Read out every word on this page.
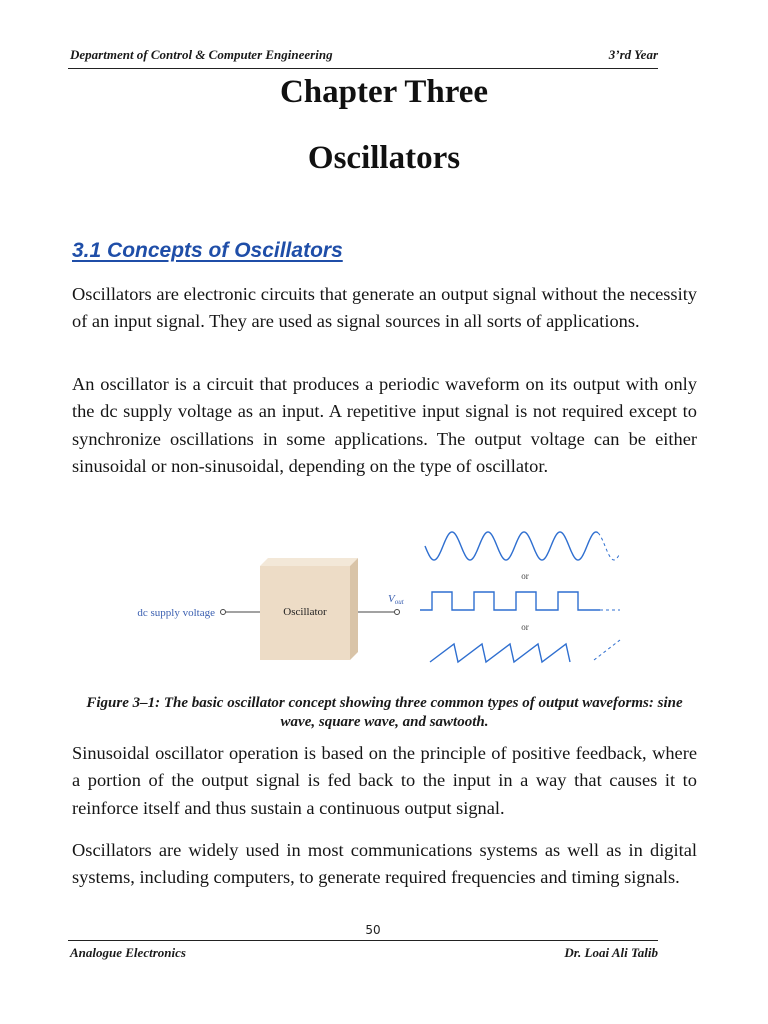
Department of Control & Computer Engineering	3’rd Year
Chapter Three
Oscillators
3.1 Concepts of Oscillators

Oscillators are electronic circuits that generate an output signal without the necessity of an input signal. They are used as signal sources in all sorts of applications.

An oscillator is a circuit that produces a periodic waveform on its output with only the dc supply voltage as an input. A repetitive input signal is not required except to synchronize oscillations in some applications. The output voltage can be either sinusoidal or non-sinusoidal, depending on the type of oscillator.

dc supply voltage	Oscillator
Vout
or
or
Figure 3–1: The basic oscillator concept showing three common types of output waveforms: sine wave, square wave, and sawtooth.

Sinusoidal oscillator operation is based on the principle of positive feedback, where a portion of the output signal is fed back to the input in a way that causes it to reinforce itself and thus sustain a continuous output signal.

Oscillators are widely used in most communications systems as well as in digital systems, including computers, to generate required frequencies and timing signals.

50
Analogue Electronics	Dr. Loai Ali Talib
